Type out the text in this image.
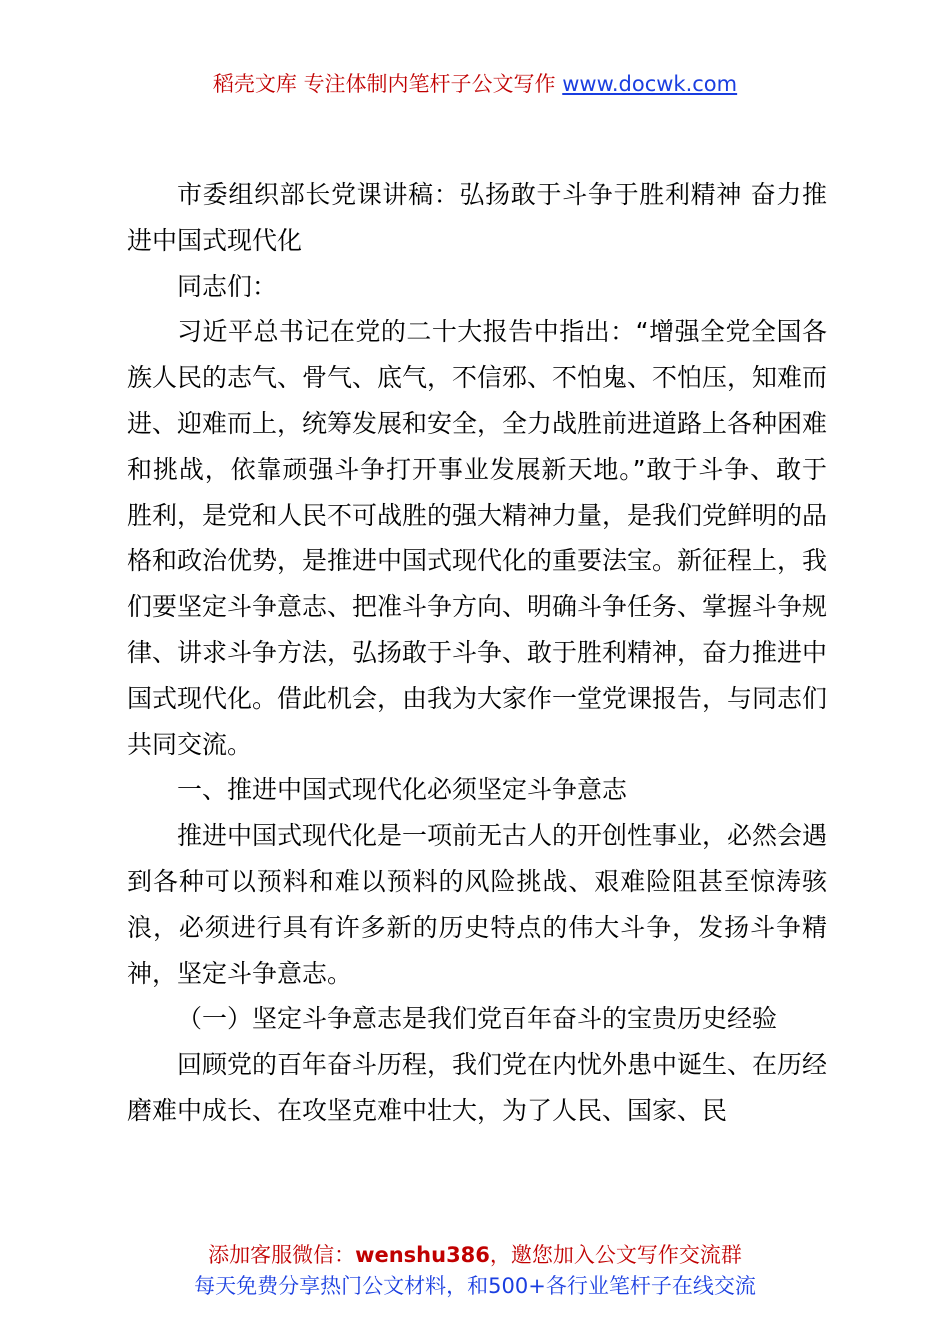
稻壳文库 专注体制内笔杆子公文写作 www.docwk.com

市委组织部长党课讲稿：弘扬敢于斗争于胜利精神 奋力推进中国式现代化

同志们：

习近平总书记在党的二十大报告中指出：“增强全党全国各族人民的志气、骨气、底气，不信邪、不怕鬼、不怕压，知难而进、迎难而上，统筹发展和安全，全力战胜前进道路上各种困难和挑战，依靠顽强斗争打开事业发展新天地。”敢于斗争、敢于胜利，是党和人民不可战胜的强大精神力量，是我们党鲜明的品格和政治优势，是推进中国式现代化的重要法宝。新征程上，我们要坚定斗争意志、把准斗争方向、明确斗争任务、掌握斗争规律、讲求斗争方法，弘扬敢于斗争、敢于胜利精神，奋力推进中国式现代化。借此机会，由我为大家作一堂党课报告，与同志们共同交流。

一、推进中国式现代化必须坚定斗争意志

推进中国式现代化是一项前无古人的开创性事业，必然会遇到各种可以预料和难以预料的风险挑战、艰难险阻甚至惊涛骇浪，必须进行具有许多新的历史特点的伟大斗争，发扬斗争精神，坚定斗争意志。

（一）坚定斗争意志是我们党百年奋斗的宝贵历史经验

回顾党的百年奋斗历程，我们党在内忧外患中诞生、在历经磨难中成长、在攻坚克难中壮大，为了人民、国家、民

添加客服微信：wenshu386，邀您加入公文写作交流群
每天免费分享热门公文材料，和500+各行业笔杆子在线交流
